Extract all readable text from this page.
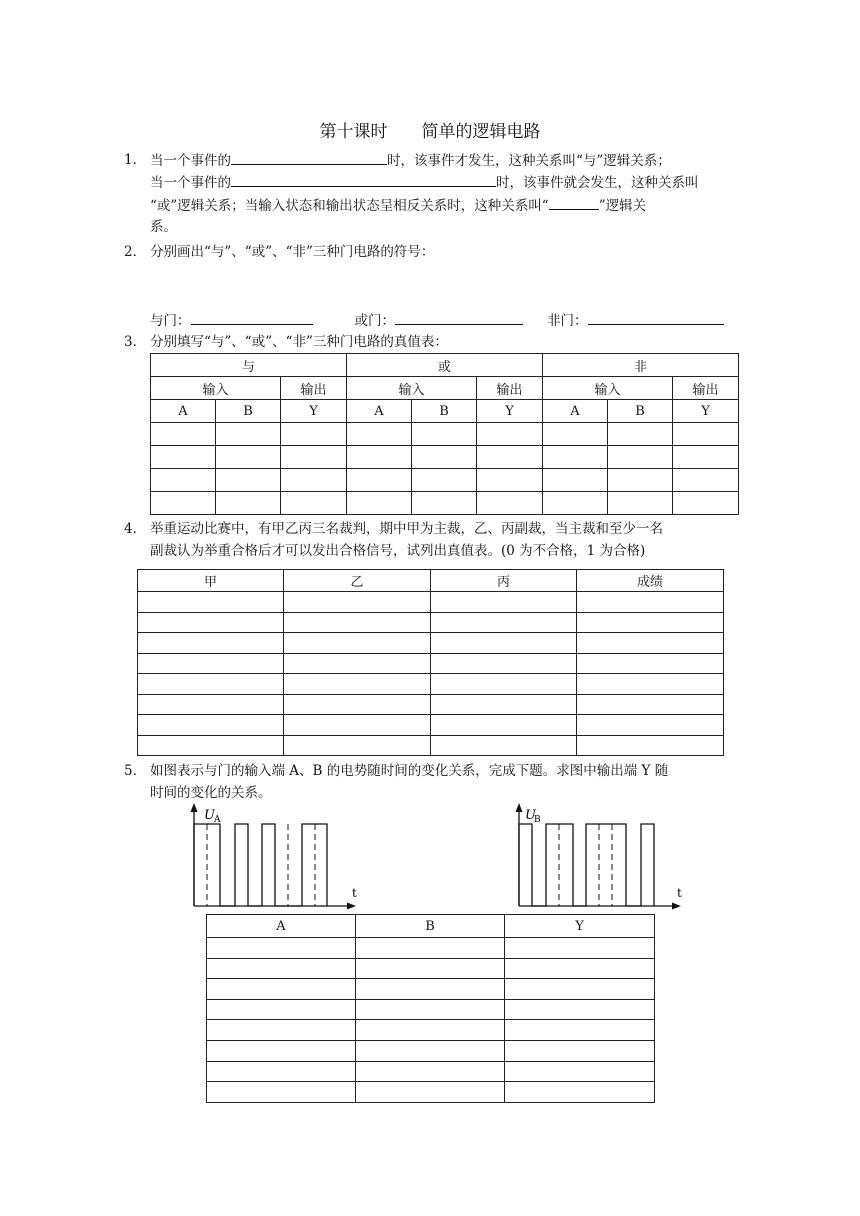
第十课时 简单的逻辑电路
1． 当一个事件的	时，该事件才发生，这种关系叫“与”逻辑关系；
当一个事件的	时，该事件就会发生，这种关系叫
“或”逻辑关系；当输入状态和输出状态呈相反关系时，这种关系叫“	”逻辑关
系。
2． 分别画出“与”、“或”、“非”三种门电路的符号：
与门：	或门：	非门：
3． 分别填写“与”、“或”、“非”三种门电路的真值表：
与			或			非		
输入		输出	输入		输出	输入		输出
A	B	Y	A	B	Y	A	B	Y

4． 举重运动比赛中，有甲乙丙三名裁判，期中甲为主裁，乙、丙副裁，当主裁和至少一名
副裁认为举重合格后才可以发出合格信号，试列出真值表。(0 为不合格，1 为合格)
甲	乙	丙	成绩

5． 如图表示与门的输入端 A、B 的电势随时间的变化关系，完成下题。求图中输出端 Y 随
时间的变化的关系。
U A
t
U
B
t
A	B	Y
